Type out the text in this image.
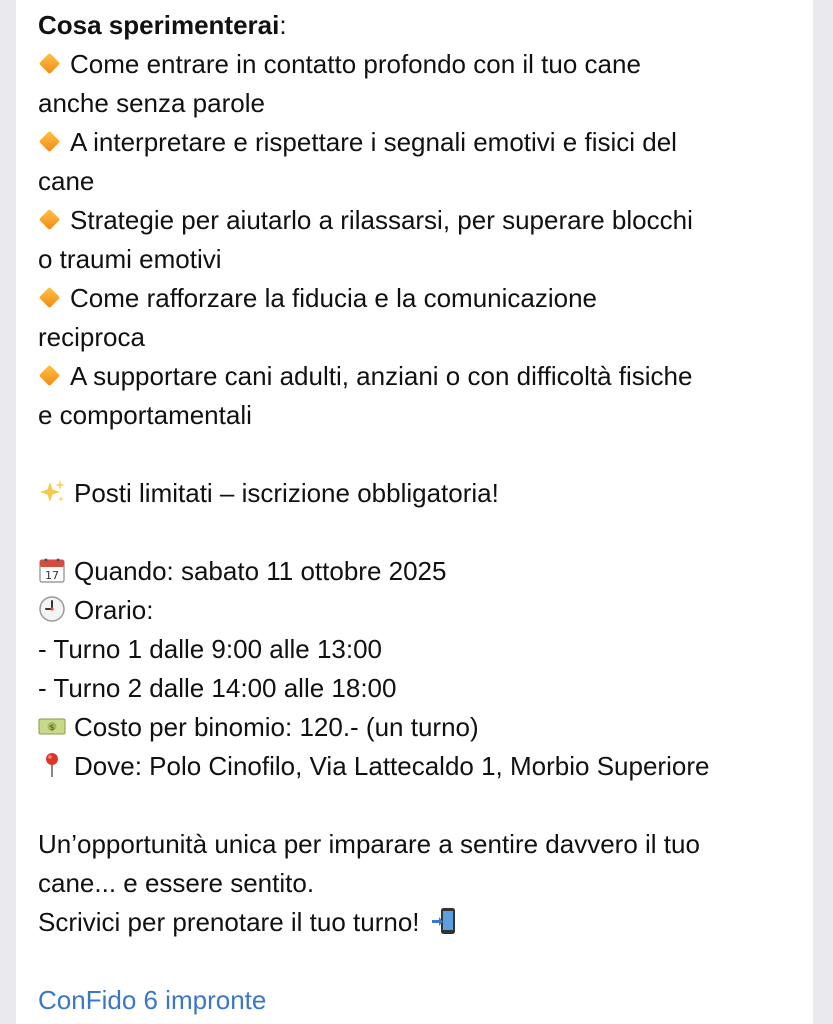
Cosa sperimenterai:
Come entrare in contatto profondo con il tuo cane
anche senza parole
A interpretare e rispettare i segnali emotivi e fisici del
cane
Strategie per aiutarlo a rilassarsi, per superare blocchi
o traumi emotivi
Come rafforzare la fiducia e la comunicazione
reciproca
A supportare cani adulti, anziani o con difficoltà fisiche
e comportamentali
Posti limitati – iscrizione obbligatoria!
17 Quando: sabato 11 ottobre 2025
Orario:
- Turno 1 dalle 9:00 alle 13:00
- Turno 2 dalle 14:00 alle 18:00
$ Costo per binomio: 120.- (un turno)
Dove: Polo Cinofilo, Via Lattecaldo 1, Morbio Superiore
Un’opportunità unica per imparare a sentire davvero il tuo
cane... e essere sentito.
Scrivici per prenotare il tuo turno!
ConFido 6 impronte
